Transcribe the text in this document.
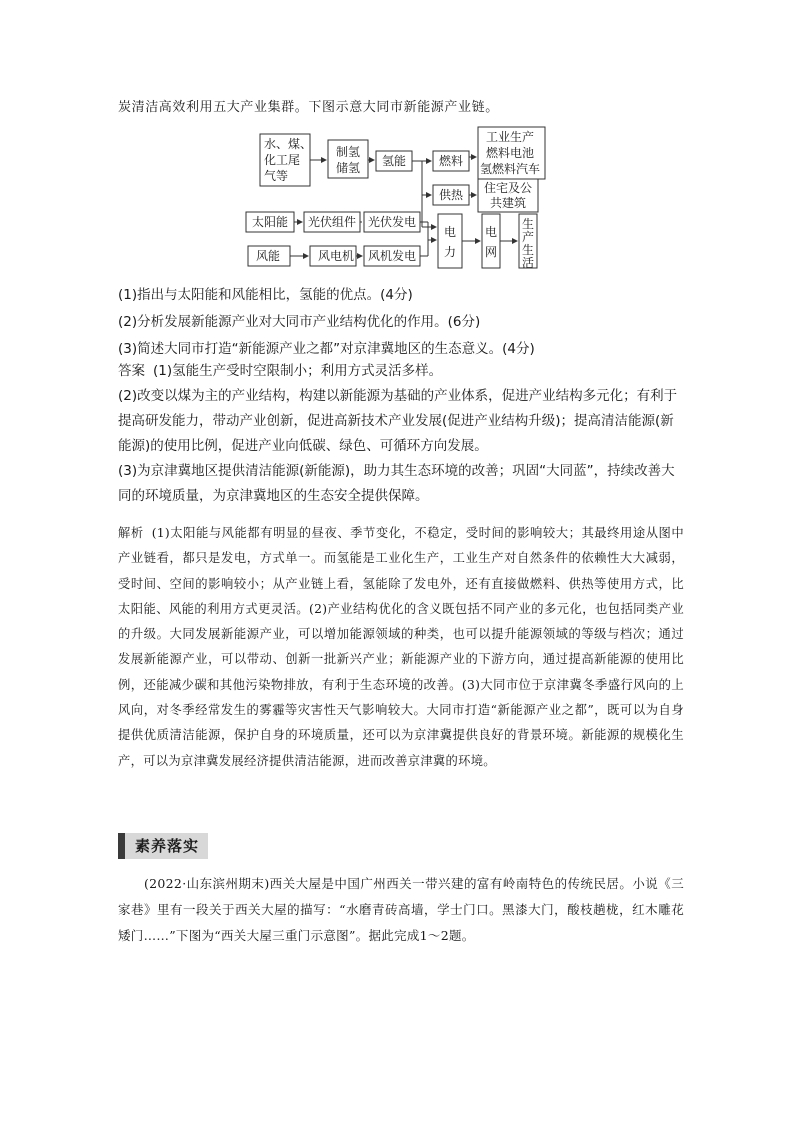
炭清洁高效利用五大产业集群。下图示意大同市新能源产业链。
水、煤、
化工尾
气等
制氢
储氢 氢能	燃料
工业生产
燃料电池
氢燃料汽车
供热 住宅及公
共建筑
太阳能 光伏组件 光伏发电
风能	风电机 风机发电
电
力
电
网
生
产
生
活
(1)指出与太阳能和风能相比，氢能的优点。(4分)
(2)分析发展新能源产业对大同市产业结构优化的作用。(6分)
(3)简述大同市打造“新能源产业之都”对京津冀地区的生态意义。(4分)
答案 (1)氢能生产受时空限制小；利用方式灵活多样。
(2)改变以煤为主的产业结构，构建以新能源为基础的产业体系，促进产业结构多元化；有利于提高研发能力，带动产业创新，促进高新技术产业发展(促进产业结构升级)；提高清洁能源(新能源)的使用比例，促进产业向低碳、绿色、可循环方向发展。
(3)为京津冀地区提供清洁能源(新能源)，助力其生态环境的改善；巩固“大同蓝”，持续改善大同的环境质量，为京津冀地区的生态安全提供保障。
解析 (1)太阳能与风能都有明显的昼夜、季节变化，不稳定，受时间的影响较大；其最终用途从图中产业链看，都只是发电，方式单一。而氢能是工业化生产，工业生产对自然条件的依赖性大大减弱，受时间、空间的影响较小；从产业链上看，氢能除了发电外，还有直接做燃料、供热等使用方式，比太阳能、风能的利用方式更灵活。(2)产业结构优化的含义既包括不同产业的多元化，也包括同类产业的升级。大同发展新能源产业，可以增加能源领域的种类，也可以提升能源领域的等级与档次；通过发展新能源产业，可以带动、创新一批新兴产业；新能源产业的下游方向，通过提高新能源的使用比例，还能减少碳和其他污染物排放，有利于生态环境的改善。(3)大同市位于京津冀冬季盛行风向的上风向，对冬季经常发生的雾霾等灾害性天气影响较大。大同市打造“新能源产业之都”，既可以为自身提供优质清洁能源，保护自身的环境质量，还可以为京津冀提供良好的背景环境。新能源的规模化生产，可以为京津冀发展经济提供清洁能源，进而改善京津冀的环境。
素养落实
(2022·山东滨州期末)西关大屋是中国广州西关一带兴建的富有岭南特色的传统民居。小说《三家巷》里有一段关于西关大屋的描写：“水磨青砖高墙，学士门口。黑漆大门，酸枝趟栊，红木雕花矮门……”下图为“西关大屋三重门示意图”。据此完成1～2题。
